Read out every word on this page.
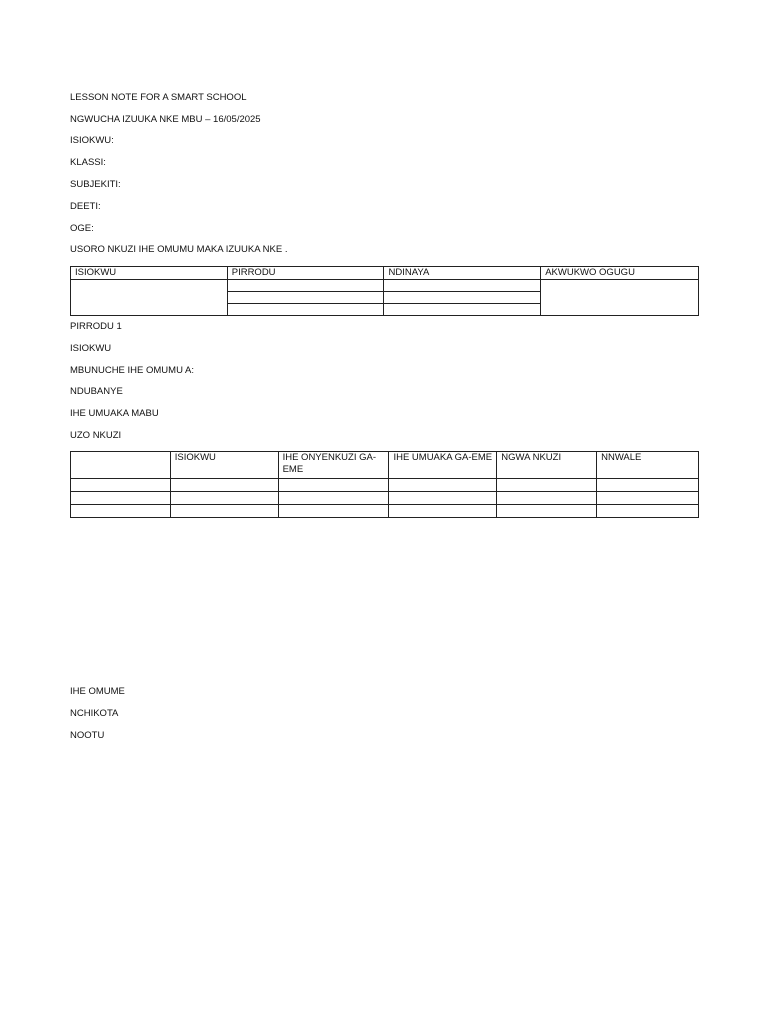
LESSON NOTE FOR A SMART SCHOOL
NGWUCHA IZUUKA NKE MBU – 16/05/2025
ISIOKWU:
KLASSI:
SUBJEKITI:
DEETI:
OGE:
USORO NKUZI IHE OMUMU MAKA IZUUKA NKE .
ISIOKWU	PIRRODU	NDINAYA	AKWUKWO OGUGU

PIRRODU 1
ISIOKWU
MBUNUCHE IHE OMUMU A:
NDUBANYE
IHE UMUAKA MABU
UZO NKUZI
	ISIOKWU	IHE ONYENKUZI GA-EME	IHE UMUAKA GA-EME	NGWA NKUZI	NNWALE

IHE OMUME
NCHIKOTA
NOOTU
